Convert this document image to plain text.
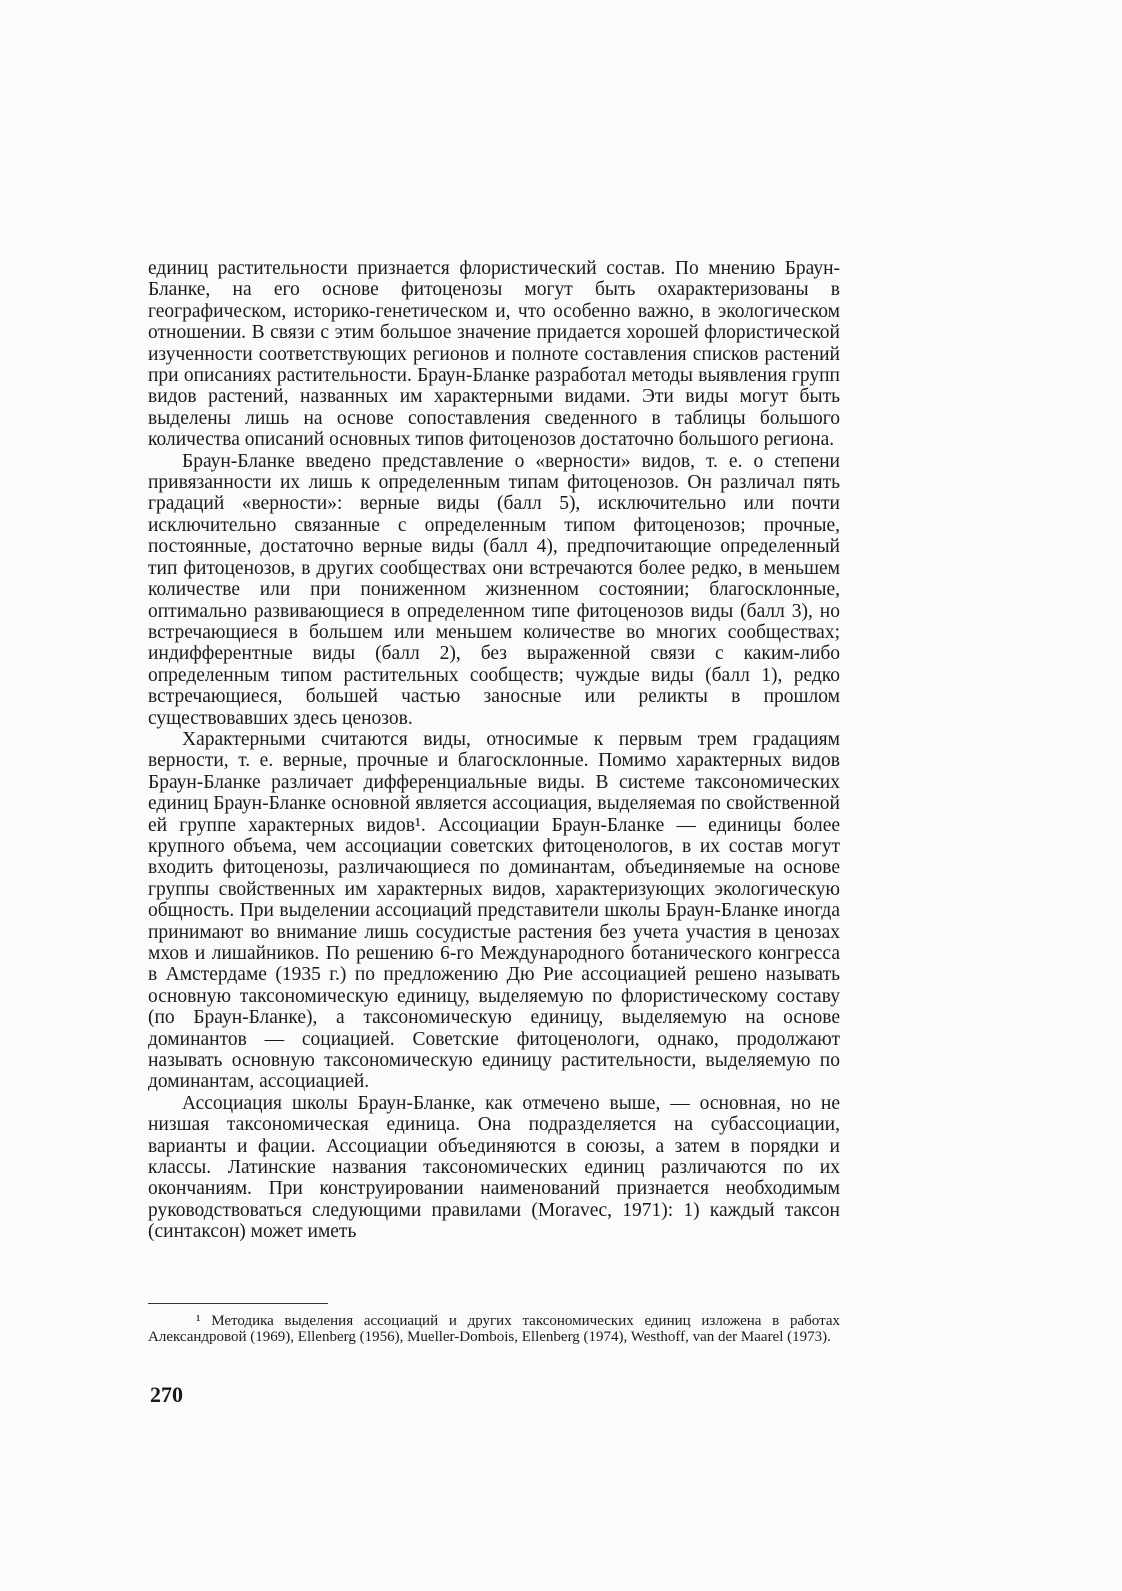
единиц растительности признается флористический состав. По мнению Браун-Бланке, на его основе фитоценозы могут быть охарактеризованы в географическом, историко-генетическом и, что особенно важно, в экологическом отношении. В связи с этим большое значение придается хорошей флористической изученности соответствующих регионов и полноте составления списков растений при описаниях растительности. Браун-Бланке разработал методы выявления групп видов растений, названных им характерными видами. Эти виды могут быть выделены лишь на основе сопоставления сведенного в таблицы большого количества описаний основных типов фитоценозов достаточно большого региона.

Браун-Бланке введено представление о «верности» видов, т. е. о степени привязанности их лишь к определенным типам фитоценозов. Он различал пять градаций «верности»: верные виды (балл 5), исключительно или почти исключительно связанные с определенным типом фитоценозов; прочные, постоянные, достаточно верные виды (балл 4), предпочитающие определенный тип фитоценозов, в других сообществах они встречаются более редко, в меньшем количестве или при пониженном жизненном состоянии; благосклонные, оптимально развивающиеся в определенном типе фитоценозов виды (балл 3), но встречающиеся в большем или меньшем количестве во многих сообществах; индифферентные виды (балл 2), без выраженной связи с каким-либо определенным типом растительных сообществ; чуждые виды (балл 1), редко встречающиеся, большей частью заносные или реликты в прошлом существовавших здесь ценозов.

Характерными считаются виды, относимые к первым трем градациям верности, т. е. верные, прочные и благосклонные. Помимо характерных видов Браун-Бланке различает дифференциальные виды. В системе таксономических единиц Браун-Бланке основной является ассоциация, выделяемая по свойственной ей группе характерных видов¹. Ассоциации Браун-Бланке — единицы более крупного объема, чем ассоциации советских фитоценологов, в их состав могут входить фитоценозы, различающиеся по доминантам, объединяемые на основе группы свойственных им характерных видов, характеризующих экологическую общность. При выделении ассоциаций представители школы Браун-Бланке иногда принимают во внимание лишь сосудистые растения без учета участия в ценозах мхов и лишайников. По решению 6-го Международного ботанического конгресса в Амстердаме (1935 г.) по предложению Дю Рие ассоциацией решено называть основную таксономическую единицу, выделяемую по флористическому составу (по Браун-Бланке), а таксономическую единицу, выделяемую на основе доминантов — социацией. Советские фитоценологи, однако, продолжают называть основную таксономическую единицу растительности, выделяемую по доминантам, ассоциацией.

Ассоциация школы Браун-Бланке, как отмечено выше, — основная, но не низшая таксономическая единица. Она подразделяется на субассоциации, варианты и фации. Ассоциации объединяются в союзы, а затем в порядки и классы. Латинские названия таксономических единиц различаются по их окончаниям. При конструировании наименований признается необходимым руководствоваться следующими правилами (Moravec, 1971): 1) каждый таксон (синтаксон) может иметь

¹ Методика выделения ассоциаций и других таксономических единиц изложена в работах Александровой (1969), Ellenberg (1956), Mueller-Dombois, Ellenberg (1974), Westhoff, van der Maarel (1973).

270
